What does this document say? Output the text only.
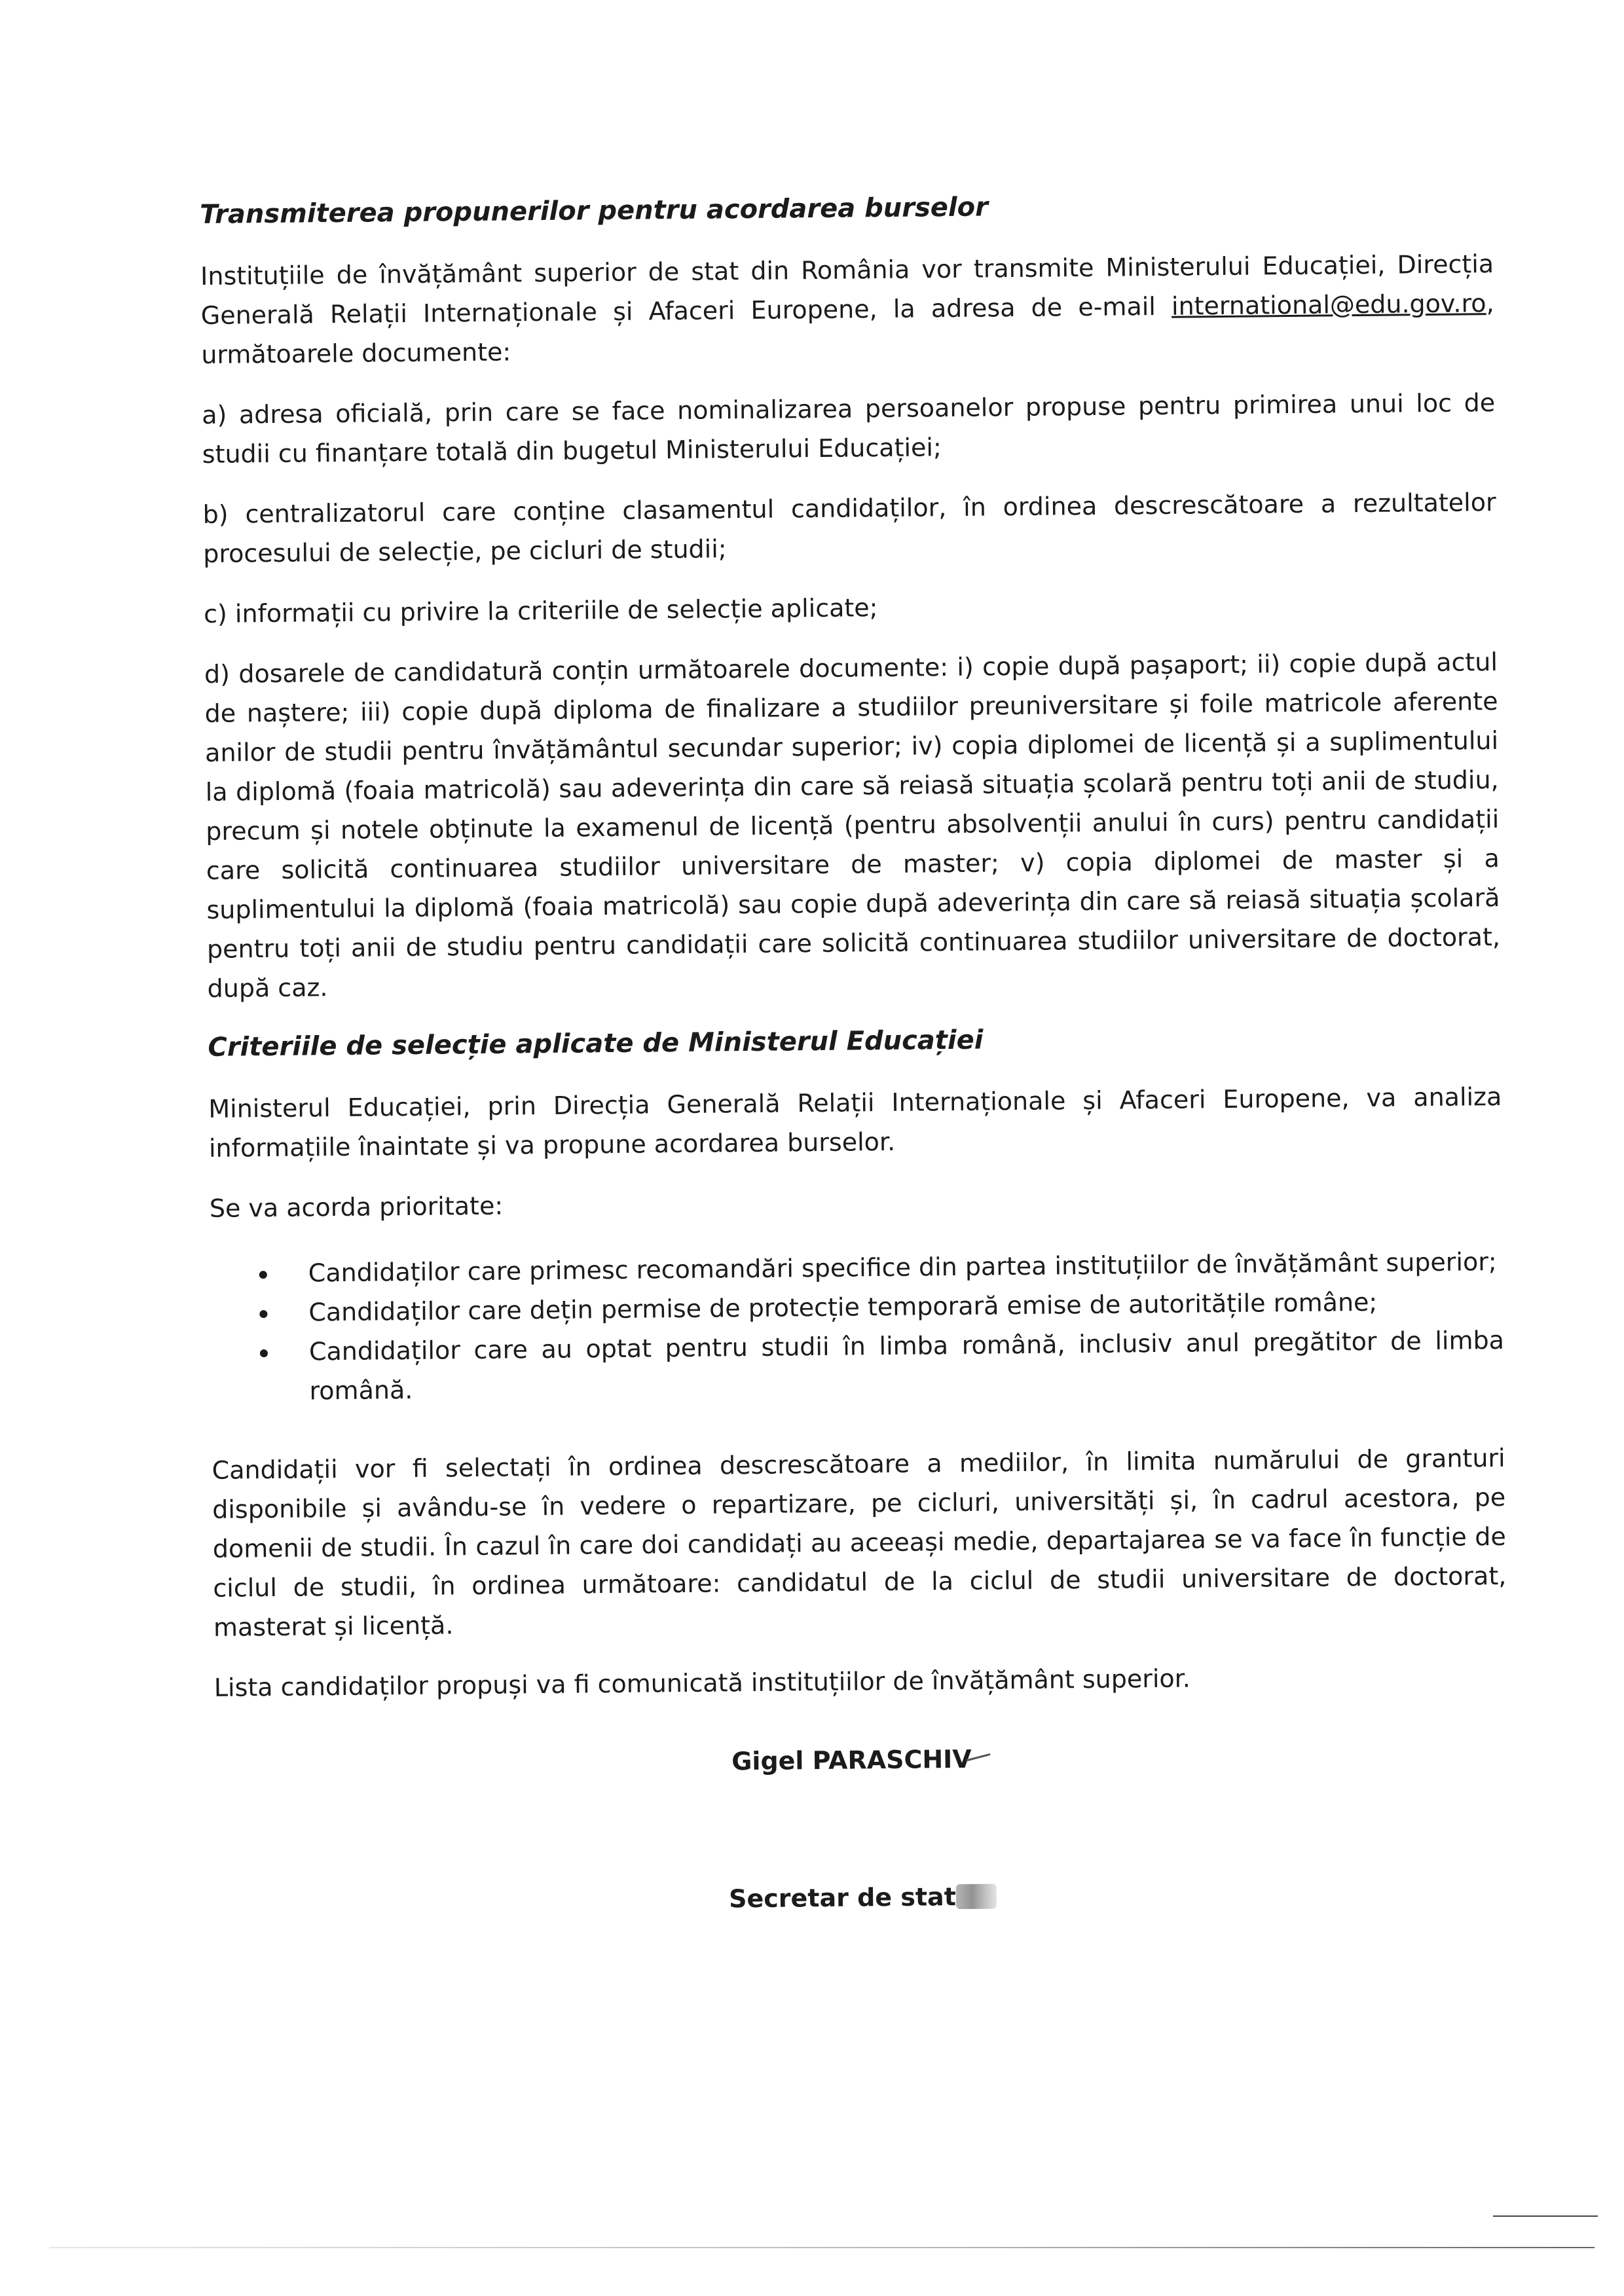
Transmiterea propunerilor pentru acordarea burselor

Instituțiile de învățământ superior de stat din România vor transmite Ministerului Educației, Direcția Generală Relații Internaționale și Afaceri Europene, la adresa de e-mail international@edu.gov.ro, următoarele documente:

a) adresa oficială, prin care se face nominalizarea persoanelor propuse pentru primirea unui loc de studii cu finanțare totală din bugetul Ministerului Educației;

b) centralizatorul care conține clasamentul candidaților, în ordinea descrescătoare a rezultatelor procesului de selecție, pe cicluri de studii;

c) informații cu privire la criteriile de selecție aplicate;

d) dosarele de candidatură conțin următoarele documente: i) copie după pașaport; ii) copie după actul de naștere; iii) copie după diploma de finalizare a studiilor preuniversitare și foile matricole aferente anilor de studii pentru învățământul secundar superior; iv) copia diplomei de licență și a suplimentului la diplomă (foaia matricolă) sau adeverința din care să reiasă situația școlară pentru toți anii de studiu, precum și notele obținute la examenul de licență (pentru absolvenții anului în curs) pentru candidații care solicită continuarea studiilor universitare de master; v) copia diplomei de master și a suplimentului la diplomă (foaia matricolă) sau copie după adeverința din care să reiasă situația școlară pentru toți anii de studiu pentru candidații care solicită continuarea studiilor universitare de doctorat, după caz.

Criteriile de selecție aplicate de Ministerul Educației

Ministerul Educației, prin Direcția Generală Relații Internaționale și Afaceri Europene, va analiza informațiile înaintate și va propune acordarea burselor.

Se va acorda prioritate:

Candidaților care primesc recomandări specifice din partea instituțiilor de învățământ superior;
Candidaților care dețin permise de protecție temporară emise de autoritățile române;
Candidaților care au optat pentru studii în limba română, inclusiv anul pregătitor de limba română.

Candidații vor fi selectați în ordinea descrescătoare a mediilor, în limita numărului de granturi disponibile și avându-se în vedere o repartizare, pe cicluri, universități și, în cadrul acestora, pe domenii de studii. În cazul în care doi candidați au aceeași medie, departajarea se va face în funcție de ciclul de studii, în ordinea următoare: candidatul de la ciclul de studii universitare de doctorat, masterat și licență.

Lista candidaților propuși va fi comunicată instituțiilor de învățământ superior.

Gigel PARASCHIV

Secretar de stat
